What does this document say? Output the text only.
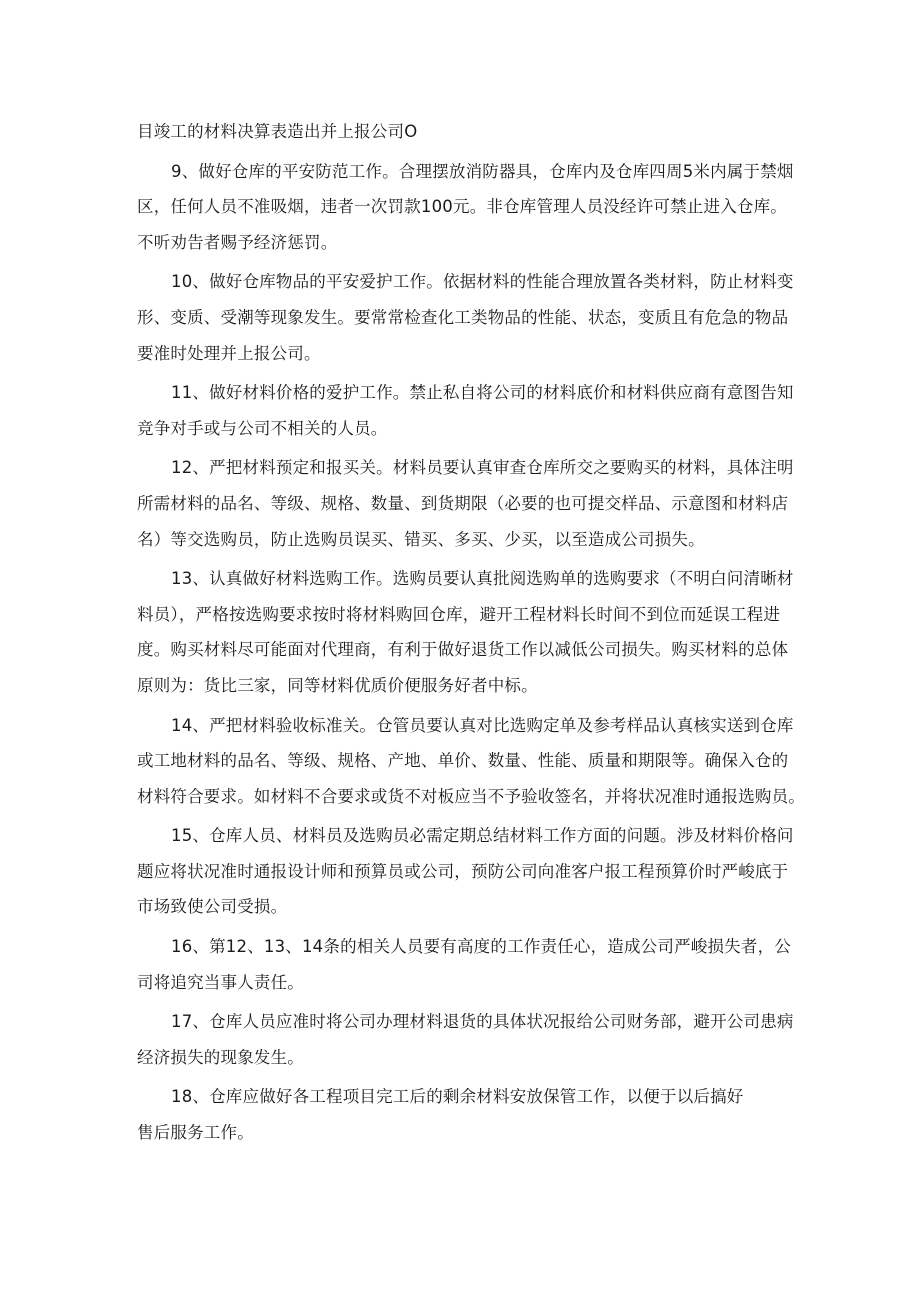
目竣工的材料决算表造出并上报公司O

9、做好仓库的平安防范工作。合理摆放消防器具，仓库内及仓库四周5米内属于禁烟
区，任何人员不准吸烟，违者一次罚款100元。非仓库管理人员没经许可禁止进入仓库。
不听劝告者赐予经济惩罚。

10、做好仓库物品的平安爱护工作。依据材料的性能合理放置各类材料，防止材料变
形、变质、受潮等现象发生。要常常检查化工类物品的性能、状态，变质且有危急的物品
要准时处理并上报公司。

11、做好材料价格的爱护工作。禁止私自将公司的材料底价和材料供应商有意图告知
竞争对手或与公司不相关的人员。

12、严把材料预定和报买关。材料员要认真审查仓库所交之要购买的材料，具体注明
所需材料的品名、等级、规格、数量、到货期限（必要的也可提交样品、示意图和材料店
名）等交选购员，防止选购员误买、错买、多买、少买，以至造成公司损失。

13、认真做好材料选购工作。选购员要认真批阅选购单的选购要求（不明白问清晰材
料员），严格按选购要求按时将材料购回仓库，避开工程材料长时间不到位而延误工程进
度。购买材料尽可能面对代理商，有利于做好退货工作以减低公司损失。购买材料的总体
原则为：货比三家，同等材料优质价便服务好者中标。

14、严把材料验收标准关。仓管员要认真对比选购定单及参考样品认真核实送到仓库
或工地材料的品名、等级、规格、产地、单价、数量、性能、质量和期限等。确保入仓的
材料符合要求。如材料不合要求或货不对板应当不予验收签名，并将状况准时通报选购员。

15、仓库人员、材料员及选购员必需定期总结材料工作方面的问题。涉及材料价格问
题应将状况准时通报设计师和预算员或公司，预防公司向准客户报工程预算价时严峻底于
市场致使公司受损。

16、第12、13、14条的相关人员要有高度的工作责任心，造成公司严峻损失者，公
司将追究当事人责任。

17、仓库人员应准时将公司办理材料退货的具体状况报给公司财务部，避开公司患病
经济损失的现象发生。

18、仓库应做好各工程项目完工后的剩余材料安放保管工作，以便于以后搞好
售后服务工作。
